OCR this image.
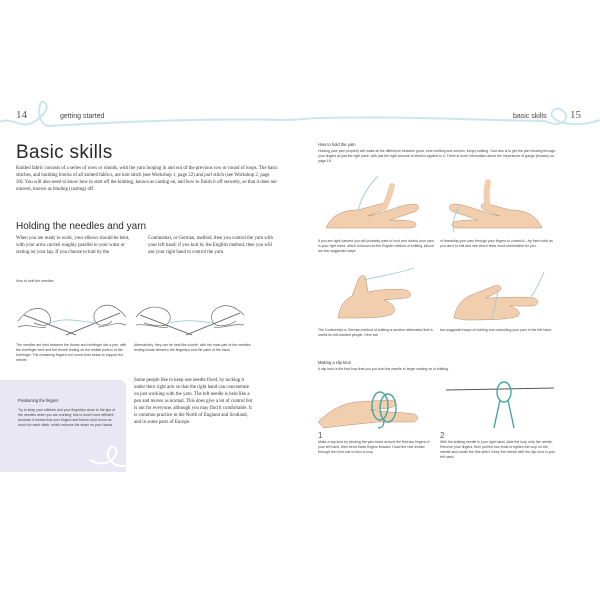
14	getting started	basic skills 15
Basic skills
Knitted fabric consists of a series of rows or rounds, with the yarn looping in and out of the previous row or round of loops. The basic stitches, and building blocks of all knitted fabrics, are knit stitch (see Workshop 1, page 22) and purl stitch (see Workshop 2, page 30). You will also need to know how to start off the knitting, known as casting on, and how to finish it off securely, so that it does not unravel, known as binding (casting) off.
Holding the needles and yarn
When you are ready to work, your elbows should be bent, with your arms carried roughly parallel to your waist or resting on your lap. If you choose to knit by the
Continental, or German, method, then you control the yarn with your left hand; if you knit by the English method, then you will use your right hand to control the yarn.
How to hold the needles
The needles are held between the thumb and forefinger like a pen, with the forefinger bent and the thumb resting on the middle portion of the forefinger. The remaining fingers curl round from below to support the needle.
Alternatively, they can be held like a knife, with the main part of the needles resting inside between the fingertips and the palm of the hand.
Positioning the fingers
Try to keep your stitches and your fingertips close to the tips of the needles when you are working; this is much more efficient, because it means that your fingers and hands don't move as much for each stitch, which reduces the strain on your hands.
Some people like to keep one needle fixed, by tucking it under their right arm so that the right hand can concentrate on just working with the yarn. The left needle is held like a pen and moves as normal. This does give a lot of control but is not for everyone, although you may find it comfortable. It is common practice in the North of England and Scotland, and in some parts of Europe.
How to hold the yarn
Holding your yarn properly will make all the difference between good, even knitting and uneven, lumpy knitting. Your aim is to get the yarn flowing through your fingers at just the right pace, with just the right amount of tension applied to it. There is more information about the importance of gauge (tension) on page 18.
If you are right-handed you will probably want to hold and control your yarn in your right hand, which is known as the English method of knitting. Above are two suggested ways
of threading your yarn through your fingers to control it—try them both as you don't to knit and see which feels most comfortable for you.
The Continental or German method of knitting is another alternative that is useful for left-handed people. Here are
two suggested ways of holding and controlling your yarn in the left hand.
Making a slip knot
A slip knot is the first loop that you put onto the needle to begin casting on in knitting.
1
Make a slip knot by winding the yarn twice around the first two fingers of your left hand, then bend these fingers forward. Draw the rear thread through the front one to form a loop.
2
With the knitting needle in your right hand, slide the loop onto the needle. Remove your fingers, then pull the two ends to tighten the loop on the needle and create the first stitch. Keep the needle with the slip knot in your left hand.
